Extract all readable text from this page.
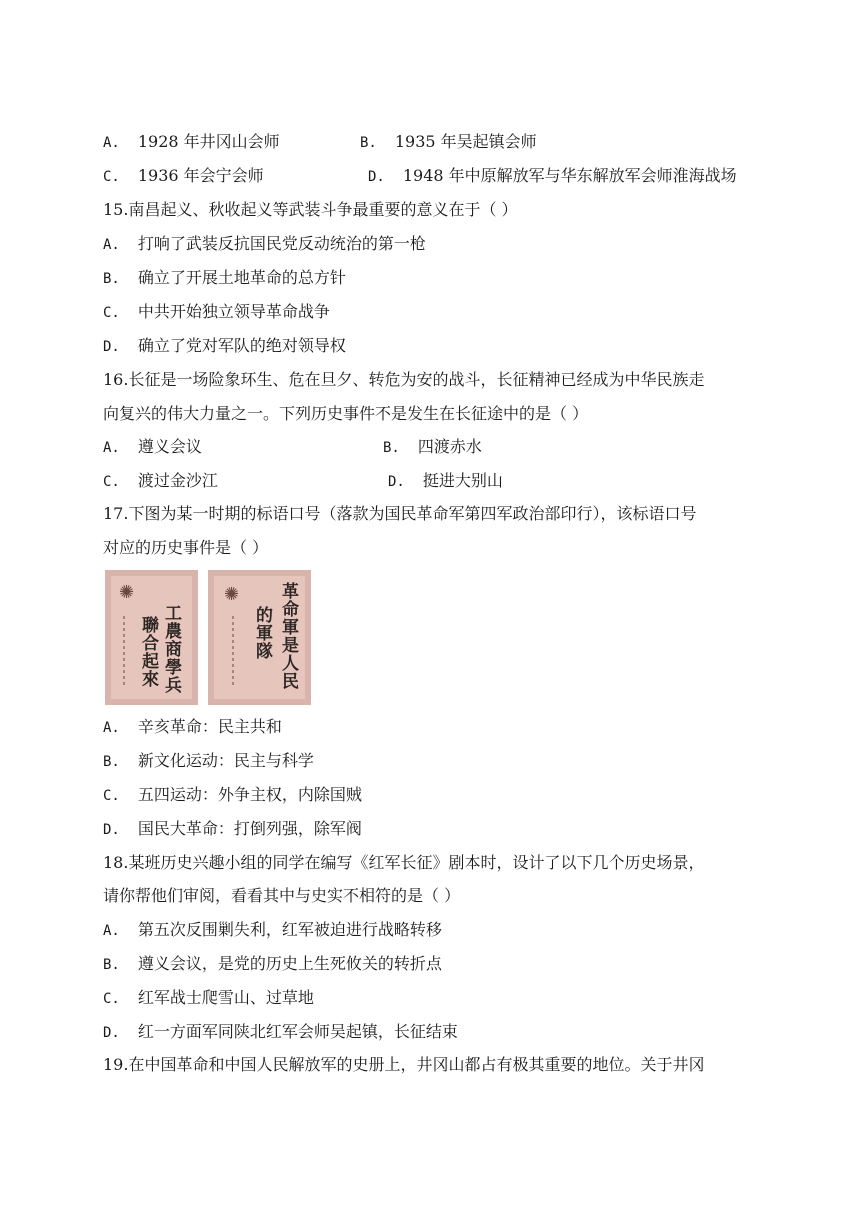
A. 1928 年井冈山会师	B. 1935 年吴起镇会师
C. 1936 年会宁会师	D. 1948 年中原解放军与华东解放军会师淮海战场
15.南昌起义、秋收起义等武装斗争最重要的意义在于（ ）
A. 打响了武装反抗国民党反动统治的第一枪
B. 确立了开展土地革命的总方针
C. 中共开始独立领导革命战争
D. 确立了党对军队的绝对领导权
16.长征是一场险象环生、危在旦夕、转危为安的战斗，长征精神已经成为中华民族走
向复兴的伟大力量之一。下列历史事件不是发生在长征途中的是（ ）
A. 遵义会议	B. 四渡赤水
C. 渡过金沙江	D. 挺进大别山
17.下图为某一时期的标语口号（落款为国民革命军第四军政治部印行），该标语口号
对应的历史事件是（ ）
✺
工農商學兵
聯合起來
✺ 革命軍是人民
的軍隊
A. 辛亥革命：民主共和
B. 新文化运动：民主与科学
C. 五四运动：外争主权，内除国贼
D. 国民大革命：打倒列强，除军阀
18.某班历史兴趣小组的同学在编写《红军长征》剧本时，设计了以下几个历史场景，
请你帮他们审阅，看看其中与史实不相符的是（ ）
A. 第五次反围剿失利，红军被迫进行战略转移
B. 遵义会议，是党的历史上生死攸关的转折点
C. 红军战士爬雪山、过草地
D. 红一方面军同陕北红军会师吴起镇，长征结束
19.在中国革命和中国人民解放军的史册上，井冈山都占有极其重要的地位。关于井冈
